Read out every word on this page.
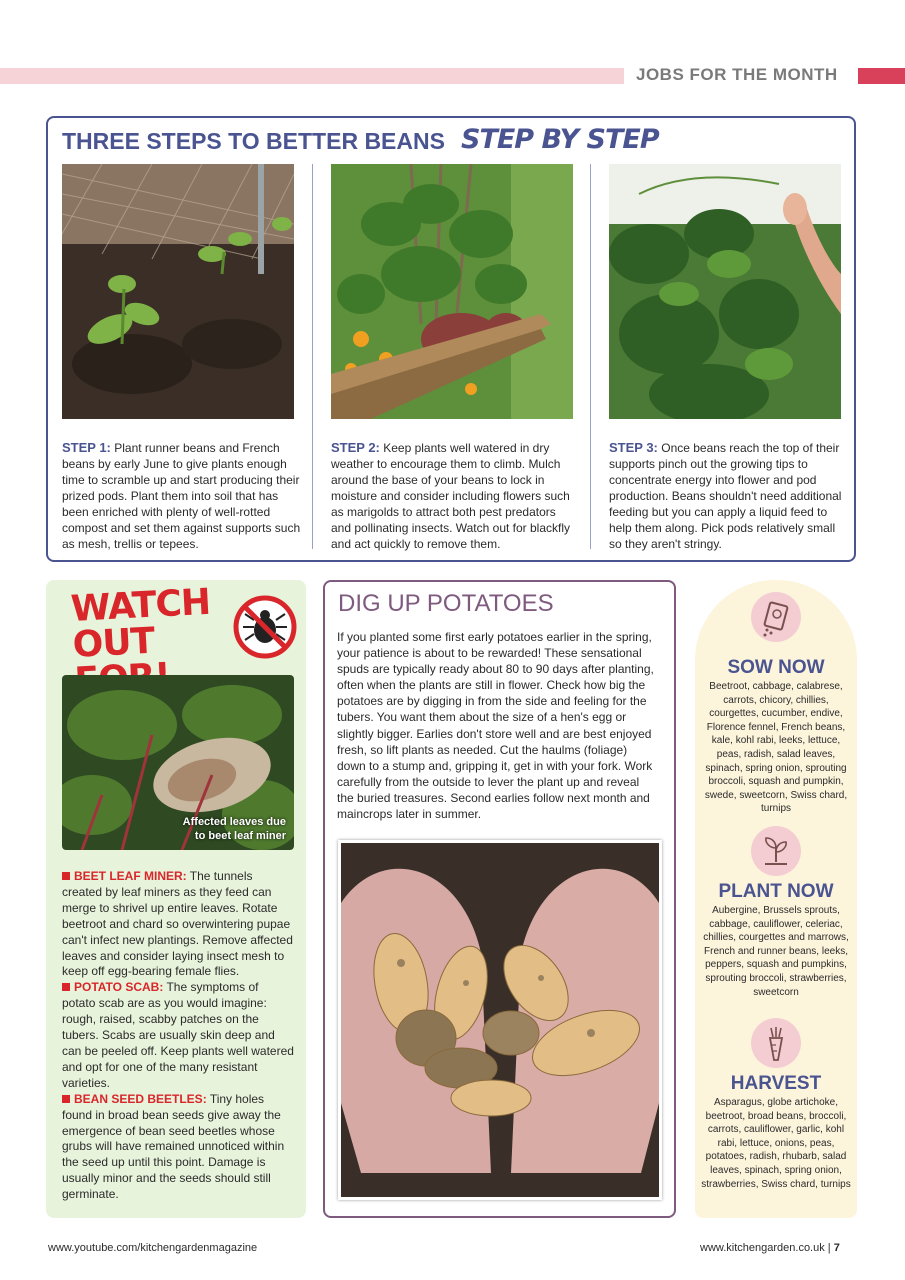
JOBS FOR THE MONTH
THREE STEPS TO BETTER BEANS STEP BY STEP
STEP 1: Plant runner beans and French beans by early June to give plants enough time to scramble up and start producing their prized pods. Plant them into soil that has been enriched with plenty of well-rotted compost and set them against supports such as mesh, trellis or tepees.
STEP 2: Keep plants well watered in dry weather to encourage them to climb. Mulch around the base of your beans to lock in moisture and consider including flowers such as marigolds to attract both pest predators and pollinating insects. Watch out for blackfly and act quickly to remove them.
STEP 3: Once beans reach the top of their supports pinch out the growing tips to concentrate energy into flower and pod production. Beans shouldn't need additional feeding but you can apply a liquid feed to help them along. Pick pods relatively small so they aren't stringy.
WATCH
OUT
Affected leaves due
to beet leaf miner
BEET LEAF MINER: The tunnels created by leaf miners as they feed can merge to shrivel up entire leaves. Rotate beetroot and chard so overwintering pupae can't infect new plantings. Remove affected leaves and consider laying insect mesh to keep off egg-bearing female flies.
POTATO SCAB: The symptoms of potato scab are as you would imagine: rough, raised, scabby patches on the tubers. Scabs are usually skin deep and can be peeled off. Keep plants well watered and opt for one of the many resistant varieties.
BEAN SEED BEETLES: Tiny holes found in broad bean seeds give away the emergence of bean seed beetles whose grubs will have remained unnoticed within the seed up until this point. Damage is usually minor and the seeds should still germinate.
DIG UP POTATOES
If you planted some first early potatoes earlier in the spring, your patience is about to be rewarded! These sensational spuds are typically ready about 80 to 90 days after planting, often when the plants are still in flower. Check how big the potatoes are by digging in from the side and feeling for the tubers. You want them about the size of a hen's egg or slightly bigger. Earlies don't store well and are best enjoyed fresh, so lift plants as needed. Cut the haulms (foliage) down to a stump and, gripping it, get in with your fork. Work carefully from the outside to lever the plant up and reveal the buried treasures. Second earlies follow next month and maincrops later in summer.
SOW NOW
Beetroot, cabbage, calabrese, carrots, chicory, chillies, courgettes, cucumber, endive, Florence fennel, French beans, kale, kohl rabi, leeks, lettuce, peas, radish, salad leaves, spinach, spring onion, sprouting broccoli, squash and pumpkin, swede, sweetcorn, Swiss chard, turnips
PLANT NOW
Aubergine, Brussels sprouts, cabbage, cauliflower, celeriac, chillies, courgettes and marrows, French and runner beans, leeks, peppers, squash and pumpkins, sprouting broccoli, strawberries, sweetcorn
HARVEST
Asparagus, globe artichoke, beetroot, broad beans, broccoli, carrots, cauliflower, garlic, kohl rabi, lettuce, onions, peas, potatoes, radish, rhubarb, salad leaves, spinach, spring onion, strawberries, Swiss chard, turnips
www.youtube.com/kitchengardenmagazine	www.kitchengarden.co.uk | 7
